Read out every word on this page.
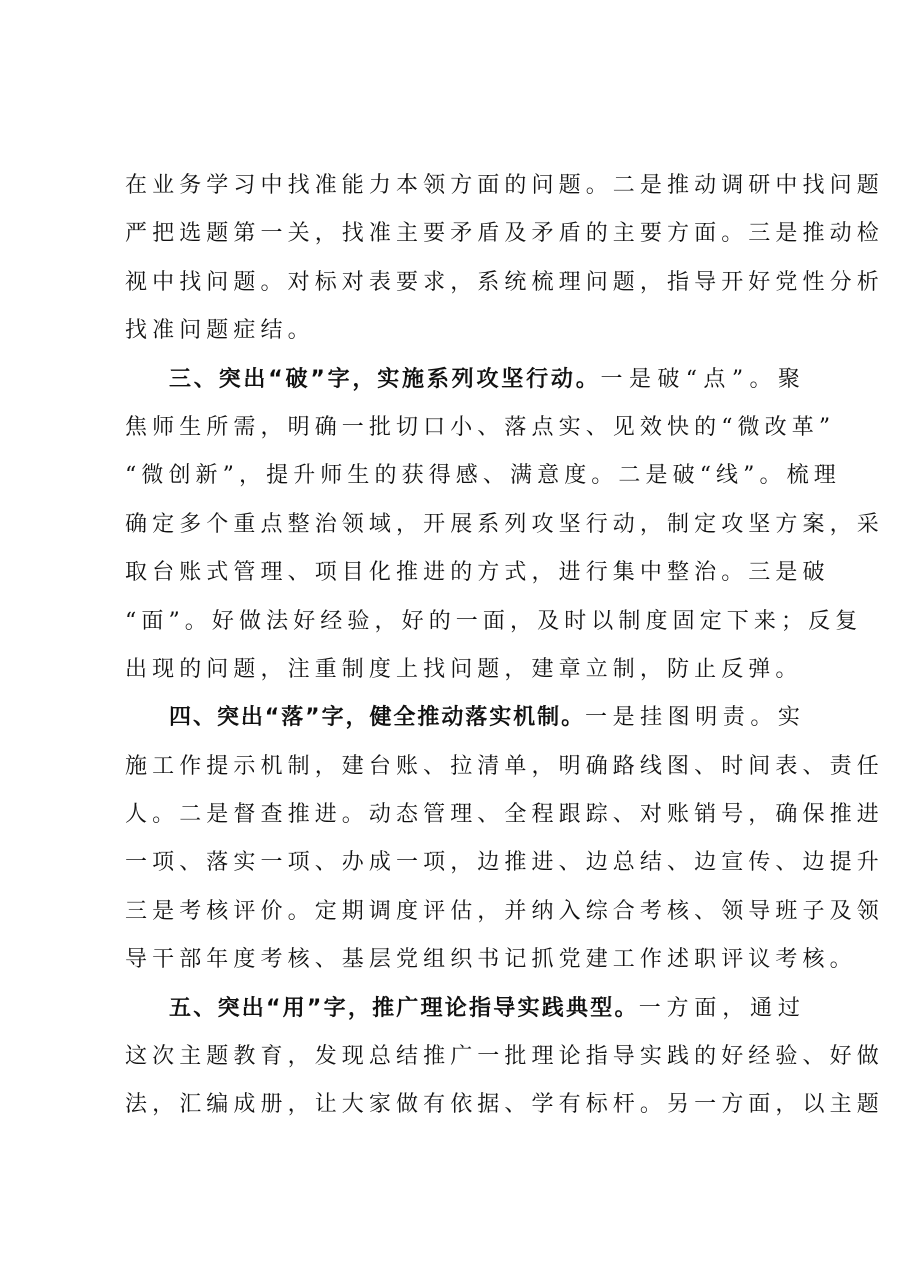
在业务学习中找准能力本领方面的问题。二是推动调研中找问题
严把选题第一关，找准主要矛盾及矛盾的主要方面。三是推动检
视中找问题。对标对表要求，系统梳理问题，指导开好党性分析
找准问题症结。
三、突出“破”字，实施系列攻坚行动。一是破“点”。聚
焦师生所需，明确一批切口小、落点实、见效快的“微改革”
“微创新”，提升师生的获得感、满意度。二是破“线”。梳理
确定多个重点整治领域，开展系列攻坚行动，制定攻坚方案，采
取台账式管理、项目化推进的方式，进行集中整治。三是破
“面”。好做法好经验，好的一面，及时以制度固定下来；反复
出现的问题，注重制度上找问题，建章立制，防止反弹。
四、突出“落”字，健全推动落实机制。一是挂图明责。实
施工作提示机制，建台账、拉清单，明确路线图、时间表、责任
人。二是督查推进。动态管理、全程跟踪、对账销号，确保推进
一项、落实一项、办成一项，边推进、边总结、边宣传、边提升
三是考核评价。定期调度评估，并纳入综合考核、领导班子及领
导干部年度考核、基层党组织书记抓党建工作述职评议考核。
五、突出“用”字，推广理论指导实践典型。一方面，通过
这次主题教育，发现总结推广一批理论指导实践的好经验、好做
法，汇编成册，让大家做有依据、学有标杆。另一方面，以主题
